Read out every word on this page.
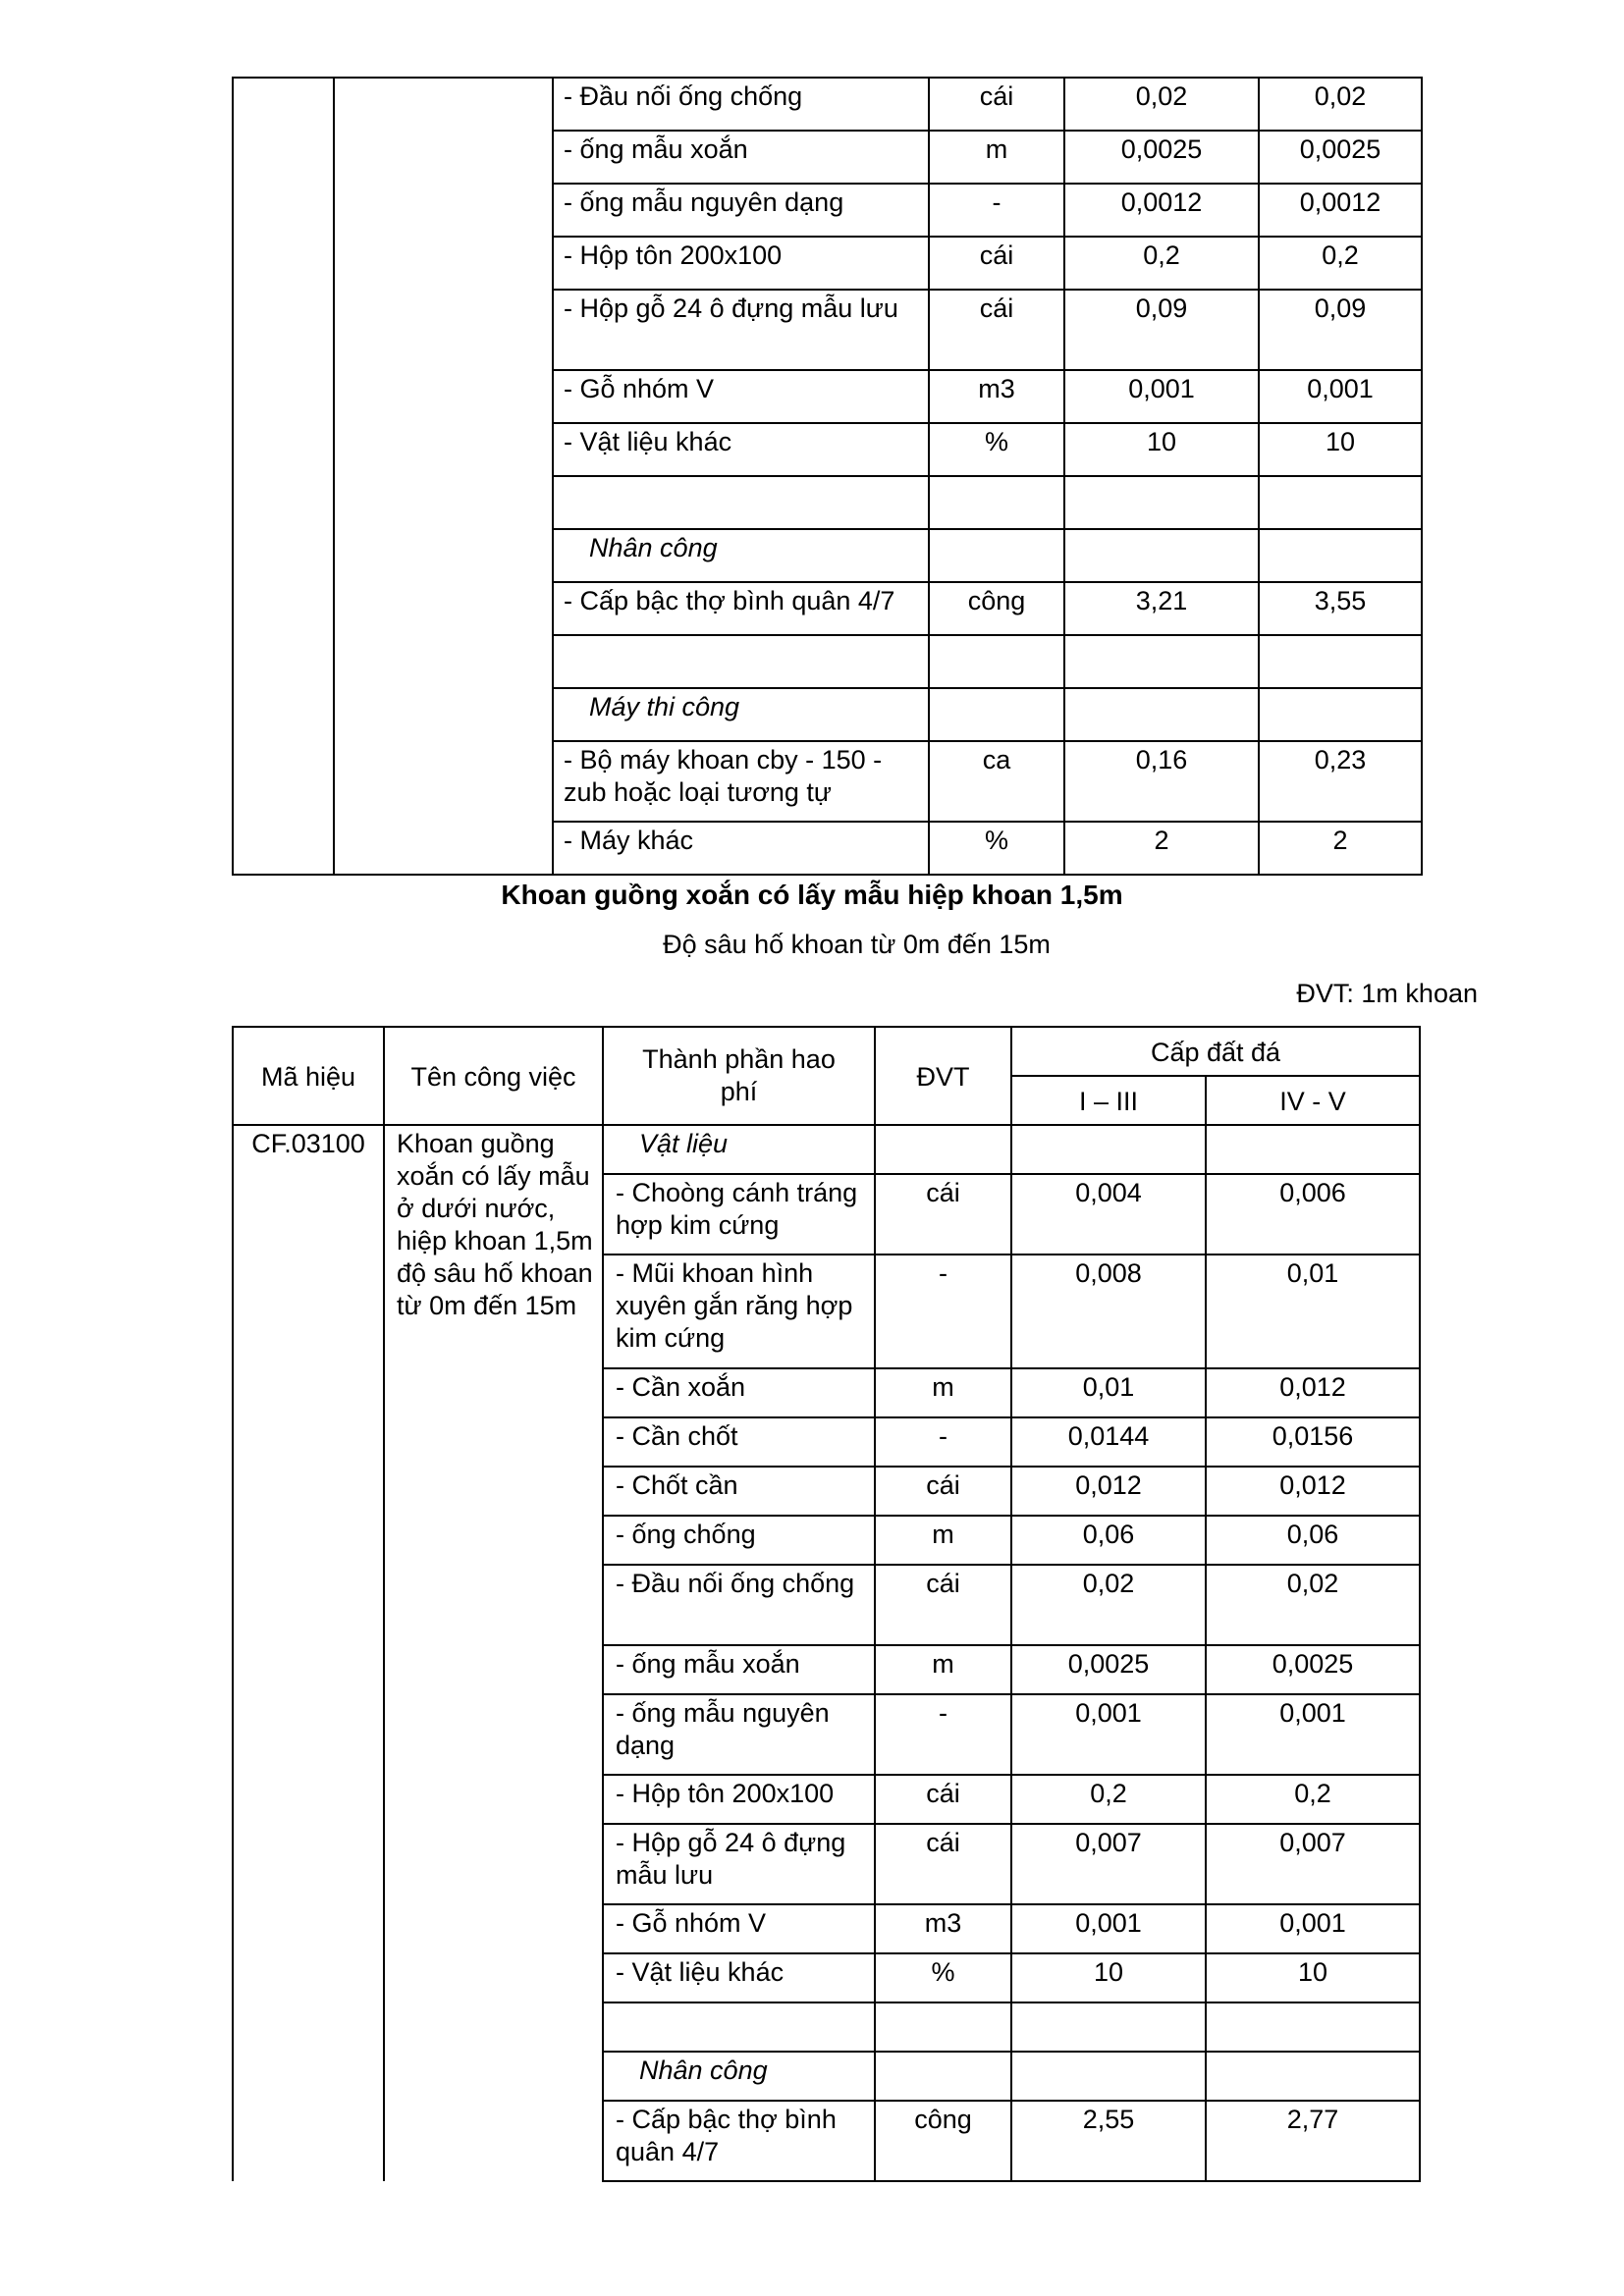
		- Đầu nối ống chống	cái	0,02	0,02
		- ống mẫu xoắn	m	0,0025	0,0025
		- ống mẫu nguyên dạng	-	0,0012	0,0012
		- Hộp tôn 200x100	cái	0,2	0,2
		- Hộp gỗ 24 ô đựng mẫu lưu	cái	0,09	0,09
		- Gỗ nhóm V	m3	0,001	0,001
		- Vật liệu khác	%	10	10

		Nhân công			
		- Cấp bậc thợ bình quân 4/7	công	3,21	3,55

		Máy thi công			
		- Bộ máy khoan cby - 150 - zub hoặc loại tương tự	ca	0,16	0,23
		- Máy khác	%	2	2
Khoan guồng xoắn có lấy mẫu hiệp khoan 1,5m
Độ sâu hố khoan từ 0m đến 15m
ĐVT: 1m khoan
Mã hiệu	Tên công việc	Thành phần hao phí	ĐVT	Cấp đất đá	
				I – III	IV - V
CF.03100	Khoan guồng xoắn có lấy mẫu ở dưới nước, hiệp khoan 1,5m độ sâu hố khoan từ 0m đến 15m	Vật liệu			
		- Choòng cánh tráng hợp kim cứng	cái	0,004	0,006
		- Mũi khoan hình xuyên gắn răng hợp kim cứng	-	0,008	0,01
		- Cần xoắn	m	0,01	0,012
		- Cần chốt	-	0,0144	0,0156
		- Chốt cần	cái	0,012	0,012
		- ống chống	m	0,06	0,06
		- Đầu nối ống chống	cái	0,02	0,02
		- ống mẫu xoắn	m	0,0025	0,0025
		- ống mẫu nguyên dạng	-	0,001	0,001
		- Hộp tôn 200x100	cái	0,2	0,2
		- Hộp gỗ 24 ô đựng mẫu lưu	cái	0,007	0,007
		- Gỗ nhóm V	m3	0,001	0,001
		- Vật liệu khác	%	10	10

		Nhân công			
		- Cấp bậc thợ bình quân 4/7	công	2,55	2,77
